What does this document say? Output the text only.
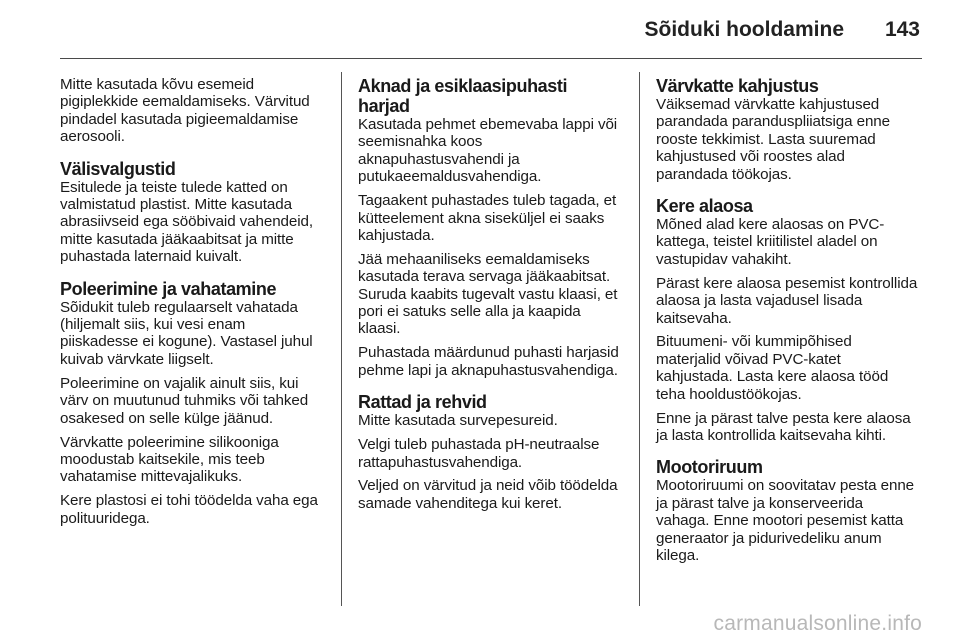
Sõiduki hooldamine 143

Mitte kasutada kõvu esemeid pigiplekkide eemaldamiseks. Värvitud pindadel kasutada pigieemaldamise aerosooli.

Välisvalgustid

Esitulede ja teiste tulede katted on valmistatud plastist. Mitte kasutada abrasiivseid ega sööbivaid vahendeid, mitte kasutada jääkaabitsat ja mitte puhastada laternaid kuivalt.

Poleerimine ja vahatamine

Sõidukit tuleb regulaarselt vahatada (hiljemalt siis, kui vesi enam piiskadesse ei kogune). Vastasel juhul kuivab värvkate liigselt.

Poleerimine on vajalik ainult siis, kui värv on muutunud tuhmiks või tahked osakesed on selle külge jäänud.

Värvkatte poleerimine silikooniga moodustab kaitsekile, mis teeb vahatamise mittevajalikuks.

Kere plastosi ei tohi töödelda vaha ega polituuridega.

Aknad ja esiklaasipuhasti harjad

Kasutada pehmet ebemevaba lappi või seemisnahka koos aknapuhastusvahendi ja putukaeemaldusvahendiga.

Tagaakent puhastades tuleb tagada, et kütteelement akna siseküljel ei saaks kahjustada.

Jää mehaaniliseks eemaldamiseks kasutada terava servaga jääkaabitsat. Suruda kaabits tugevalt vastu klaasi, et pori ei satuks selle alla ja kaapida klaasi.

Puhastada määrdunud puhasti harjasid pehme lapi ja aknapuhastusvahendiga.

Rattad ja rehvid

Mitte kasutada survepesureid.

Velgi tuleb puhastada pH-neutraalse rattapuhastusvahendiga.

Veljed on värvitud ja neid võib töödelda samade vahenditega kui keret.

Värvkatte kahjustus

Väiksemad värvkatte kahjustused parandada paranduspliiatsiga enne rooste tekkimist. Lasta suuremad kahjustused või roostes alad parandada töökojas.

Kere alaosa

Mõned alad kere alaosas on PVC-kattega, teistel kriitilistel aladel on vastupidav vahakiht.

Pärast kere alaosa pesemist kontrollida alaosa ja lasta vajadusel lisada kaitsevaha.

Bituumeni- või kummipõhised materjalid võivad PVC-katet kahjustada. Lasta kere alaosa tööd teha hooldustöökojas.

Enne ja pärast talve pesta kere alaosa ja lasta kontrollida kaitsevaha kihti.

Mootoriruum

Mootoriruumi on soovitatav pesta enne ja pärast talve ja konserveerida vahaga. Enne mootori pesemist katta generaator ja pidurivedeliku anum kilega.

carmanualsonline.info
